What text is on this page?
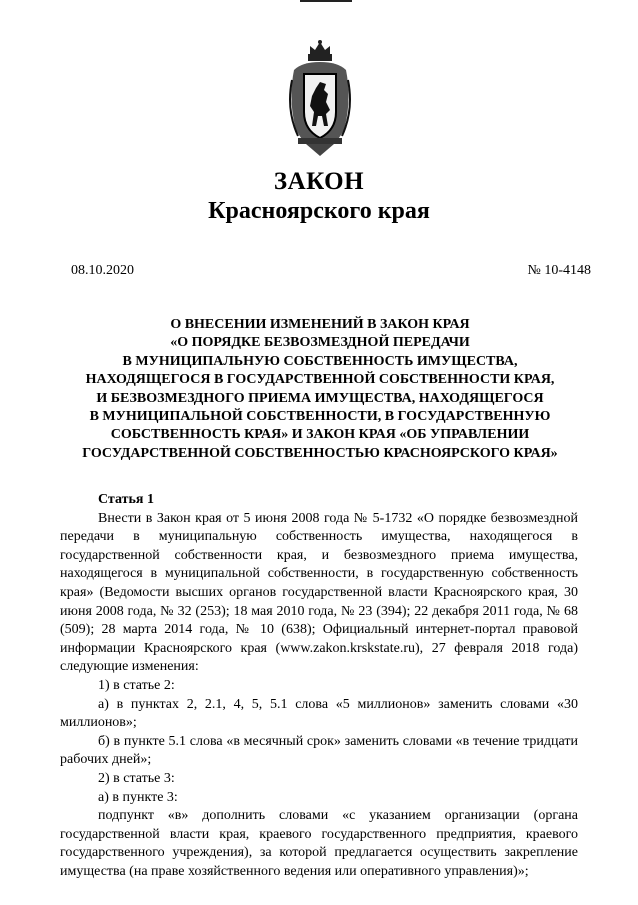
ЗАКОН
Красноярского края
08.10.2020	№ 10-4148
О ВНЕСЕНИИ ИЗМЕНЕНИЙ В ЗАКОН КРАЯ
«О ПОРЯДКЕ БЕЗВОЗМЕЗДНОЙ ПЕРЕДАЧИ
В МУНИЦИПАЛЬНУЮ СОБСТВЕННОСТЬ ИМУЩЕСТВА,
НАХОДЯЩЕГОСЯ В ГОСУДАРСТВЕННОЙ СОБСТВЕННОСТИ КРАЯ,
И БЕЗВОЗМЕЗДНОГО ПРИЕМА ИМУЩЕСТВА, НАХОДЯЩЕГОСЯ
В МУНИЦИПАЛЬНОЙ СОБСТВЕННОСТИ, В ГОСУДАРСТВЕННУЮ
СОБСТВЕННОСТЬ КРАЯ» И ЗАКОН КРАЯ «ОБ УПРАВЛЕНИИ
ГОСУДАРСТВЕННОЙ СОБСТВЕННОСТЬЮ КРАСНОЯРСКОГО КРАЯ»

Статья 1

Внести в Закон края от 5 июня 2008 года № 5-1732 «О порядке безвозмездной передачи в муниципальную собственность имущества, находящегося в государственной собственности края, и безвозмездного приема имущества, находящегося в муниципальной собственности, в государственную собственность края» (Ведомости высших органов государственной власти Красноярского края, 30 июня 2008 года, № 32 (253); 18 мая 2010 года, № 23 (394); 22 декабря 2011 года, № 68 (509); 28 марта 2014 года, № 10 (638); Официальный интернет-портал правовой информации Красноярского края (www.zakon.krskstate.ru), 27 февраля 2018 года) следующие изменения:

1) в статье 2:

а) в пунктах 2, 2.1, 4, 5, 5.1 слова «5 миллионов» заменить словами «30 миллионов»;

б) в пункте 5.1 слова «в месячный срок» заменить словами «в течение тридцати рабочих дней»;

2) в статье 3:

а) в пункте 3:

подпункт «в» дополнить словами «с указанием организации (органа государственной власти края, краевого государственного предприятия, краевого государственного учреждения), за которой предлагается осуществить закрепление имущества (на праве хозяйственного ведения или оперативного управления)»;
